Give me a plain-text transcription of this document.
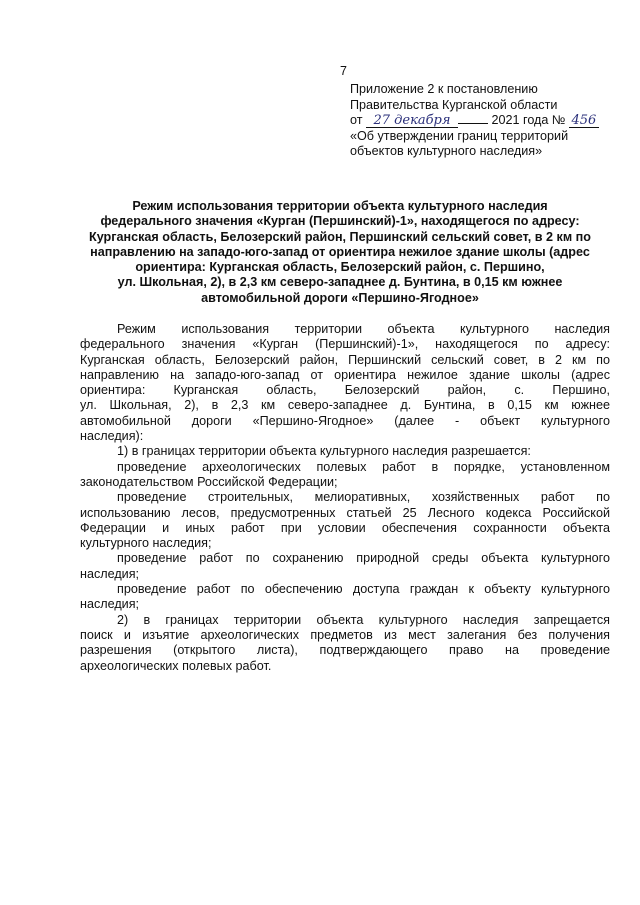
7
Приложение 2 к постановлению
Правительства Курганской области
от 27 декабря	2021 года № 456
«Об утверждении границ территорий
объектов культурного наследия»
Режим использования территории объекта культурного наследия
федерального значения «Курган (Першинский)-1», находящегося по адресу:
Курганская область, Белозерский район, Першинский сельский совет, в 2 км по
направлению на западо-юго-запад от ориентира нежилое здание школы (адрес
ориентира: Курганская область, Белозерский район, с. Першино,
ул. Школьная, 2), в 2,3 км северо-западнее д. Бунтина, в 0,15 км южнее
автомобильной дороги «Першино-Ягодное»
Режим использования территории объекта культурного наследия
федерального значения «Курган (Першинский)-1», находящегося по адресу:
Курганская область, Белозерский район, Першинский сельский совет, в 2 км по
направлению на западо-юго-запад от ориентира нежилое здание школы (адрес
ориентира: Курганская область, Белозерский район, с. Першино,
ул. Школьная, 2), в 2,3 км северо-западнее д. Бунтина, в 0,15 км южнее
автомобильной дороги «Першино-Ягодное» (далее - объект культурного
наследия):
1) в границах территории объекта культурного наследия разрешается:
проведение археологических полевых работ в порядке, установленном
законодательством Российской Федерации;
проведение строительных, мелиоративных, хозяйственных работ по
использованию лесов, предусмотренных статьей 25 Лесного кодекса Российской
Федерации и иных работ при условии обеспечения сохранности объекта
культурного наследия;
проведение работ по сохранению природной среды объекта культурного
наследия;
проведение работ по обеспечению доступа граждан к объекту культурного
наследия;
2) в границах территории объекта культурного наследия запрещается
поиск и изъятие археологических предметов из мест залегания без получения
разрешения (открытого листа), подтверждающего право на проведение
археологических полевых работ.
